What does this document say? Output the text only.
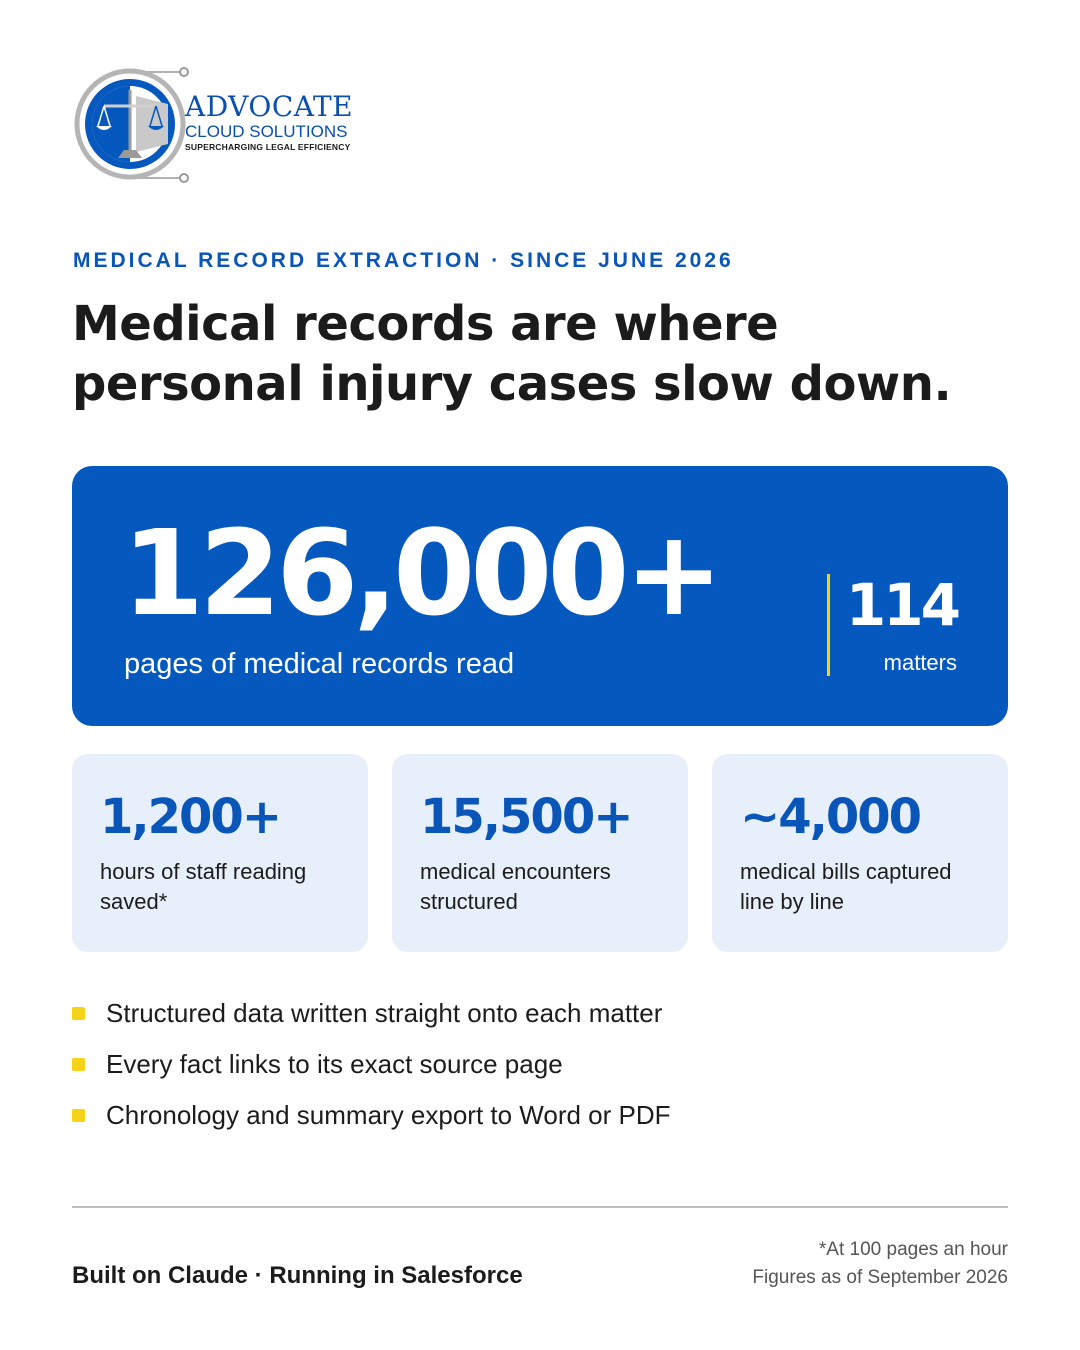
ADVOCATE
CLOUD SOLUTIONS
SUPERCHARGING LEGAL EFFICIENCY
MEDICAL RECORD EXTRACTION · SINCE JUNE 2026
Medical records are where
personal injury cases slow down.
126,000+
pages of medical records read
114
matters
1,200+
hours of staff reading saved*
15,500+
medical encounters structured
~4,000
medical bills captured line by line
Structured data written straight onto each matter
Every fact links to its exact source page
Chronology and summary export to Word or PDF
Built on Claude · Running in Salesforce
*At 100 pages an hour
Figures as of September 2026
